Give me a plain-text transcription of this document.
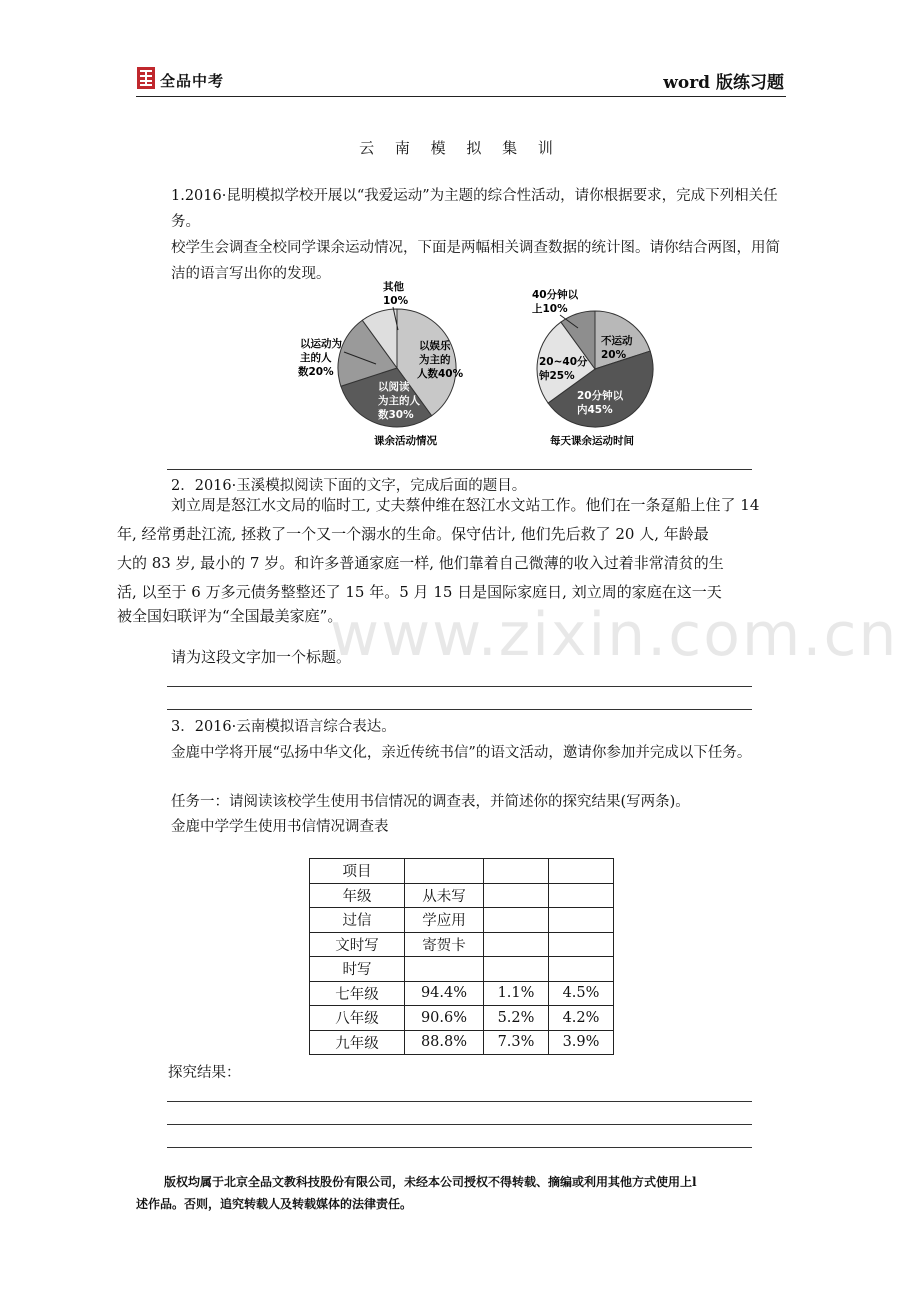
全品中考	word 版练习题
www.zixin.com.cn
云 南 模 拟 集 训
1.2016·昆明模拟学校开展以“我爱运动”为主题的综合性活动，请你根据要求，完成下列相关任务。
校学生会调查全校同学课余运动情况，下面是两幅相关调查数据的统计图。请你结合两图，用简洁的语言写出你的发现。
其他
10%
以娱乐
为主的
人数40%
以运动为
主的人
数20%
以阅读
为主的人
数30%
课余活动情况
40分钟以
上10%
不运动
20%
20~40分
钟25%
20分钟以
内45%
每天课余运动时间
2．2016·玉溪模拟阅读下面的文字，完成后面的题目。
刘立周是怒江水文局的临时工, 丈夫蔡仲维在怒江水文站工作。他们在一条趸船上住了 14
年, 经常勇赴江流, 拯救了一个又一个溺水的生命。保守估计, 他们先后救了 20 人, 年龄最
大的 83 岁, 最小的 7 岁。和许多普通家庭一样, 他们靠着自己微薄的收入过着非常清贫的生
活, 以至于 6 万多元债务整整还了 15 年。5 月 15 日是国际家庭日, 刘立周的家庭在这一天
被全国妇联评为“全国最美家庭”。
请为这段文字加一个标题。
3．2016·云南模拟语言综合表达。
金鹿中学将开展“弘扬中华文化，亲近传统书信”的语文活动，邀请你参加并完成以下任务。
任务一：请阅读该校学生使用书信情况的调查表，并简述你的探究结果(写两条)。
金鹿中学学生使用书信情况调查表
项目			
年级	从未写		
过信	学应用		
文时写	寄贺卡		
时写			
七年级	94.4%	1.1%	4.5%
八年级	90.6%	5.2%	4.2%
九年级	88.8%	7.3%	3.9%
探究结果：
版权均属于北京全品文教科技股份有限公司，未经本公司授权不得转载、摘编或利用其他方式使用上l
述作品。否则，追究转载人及转载媒体的法律责任。
